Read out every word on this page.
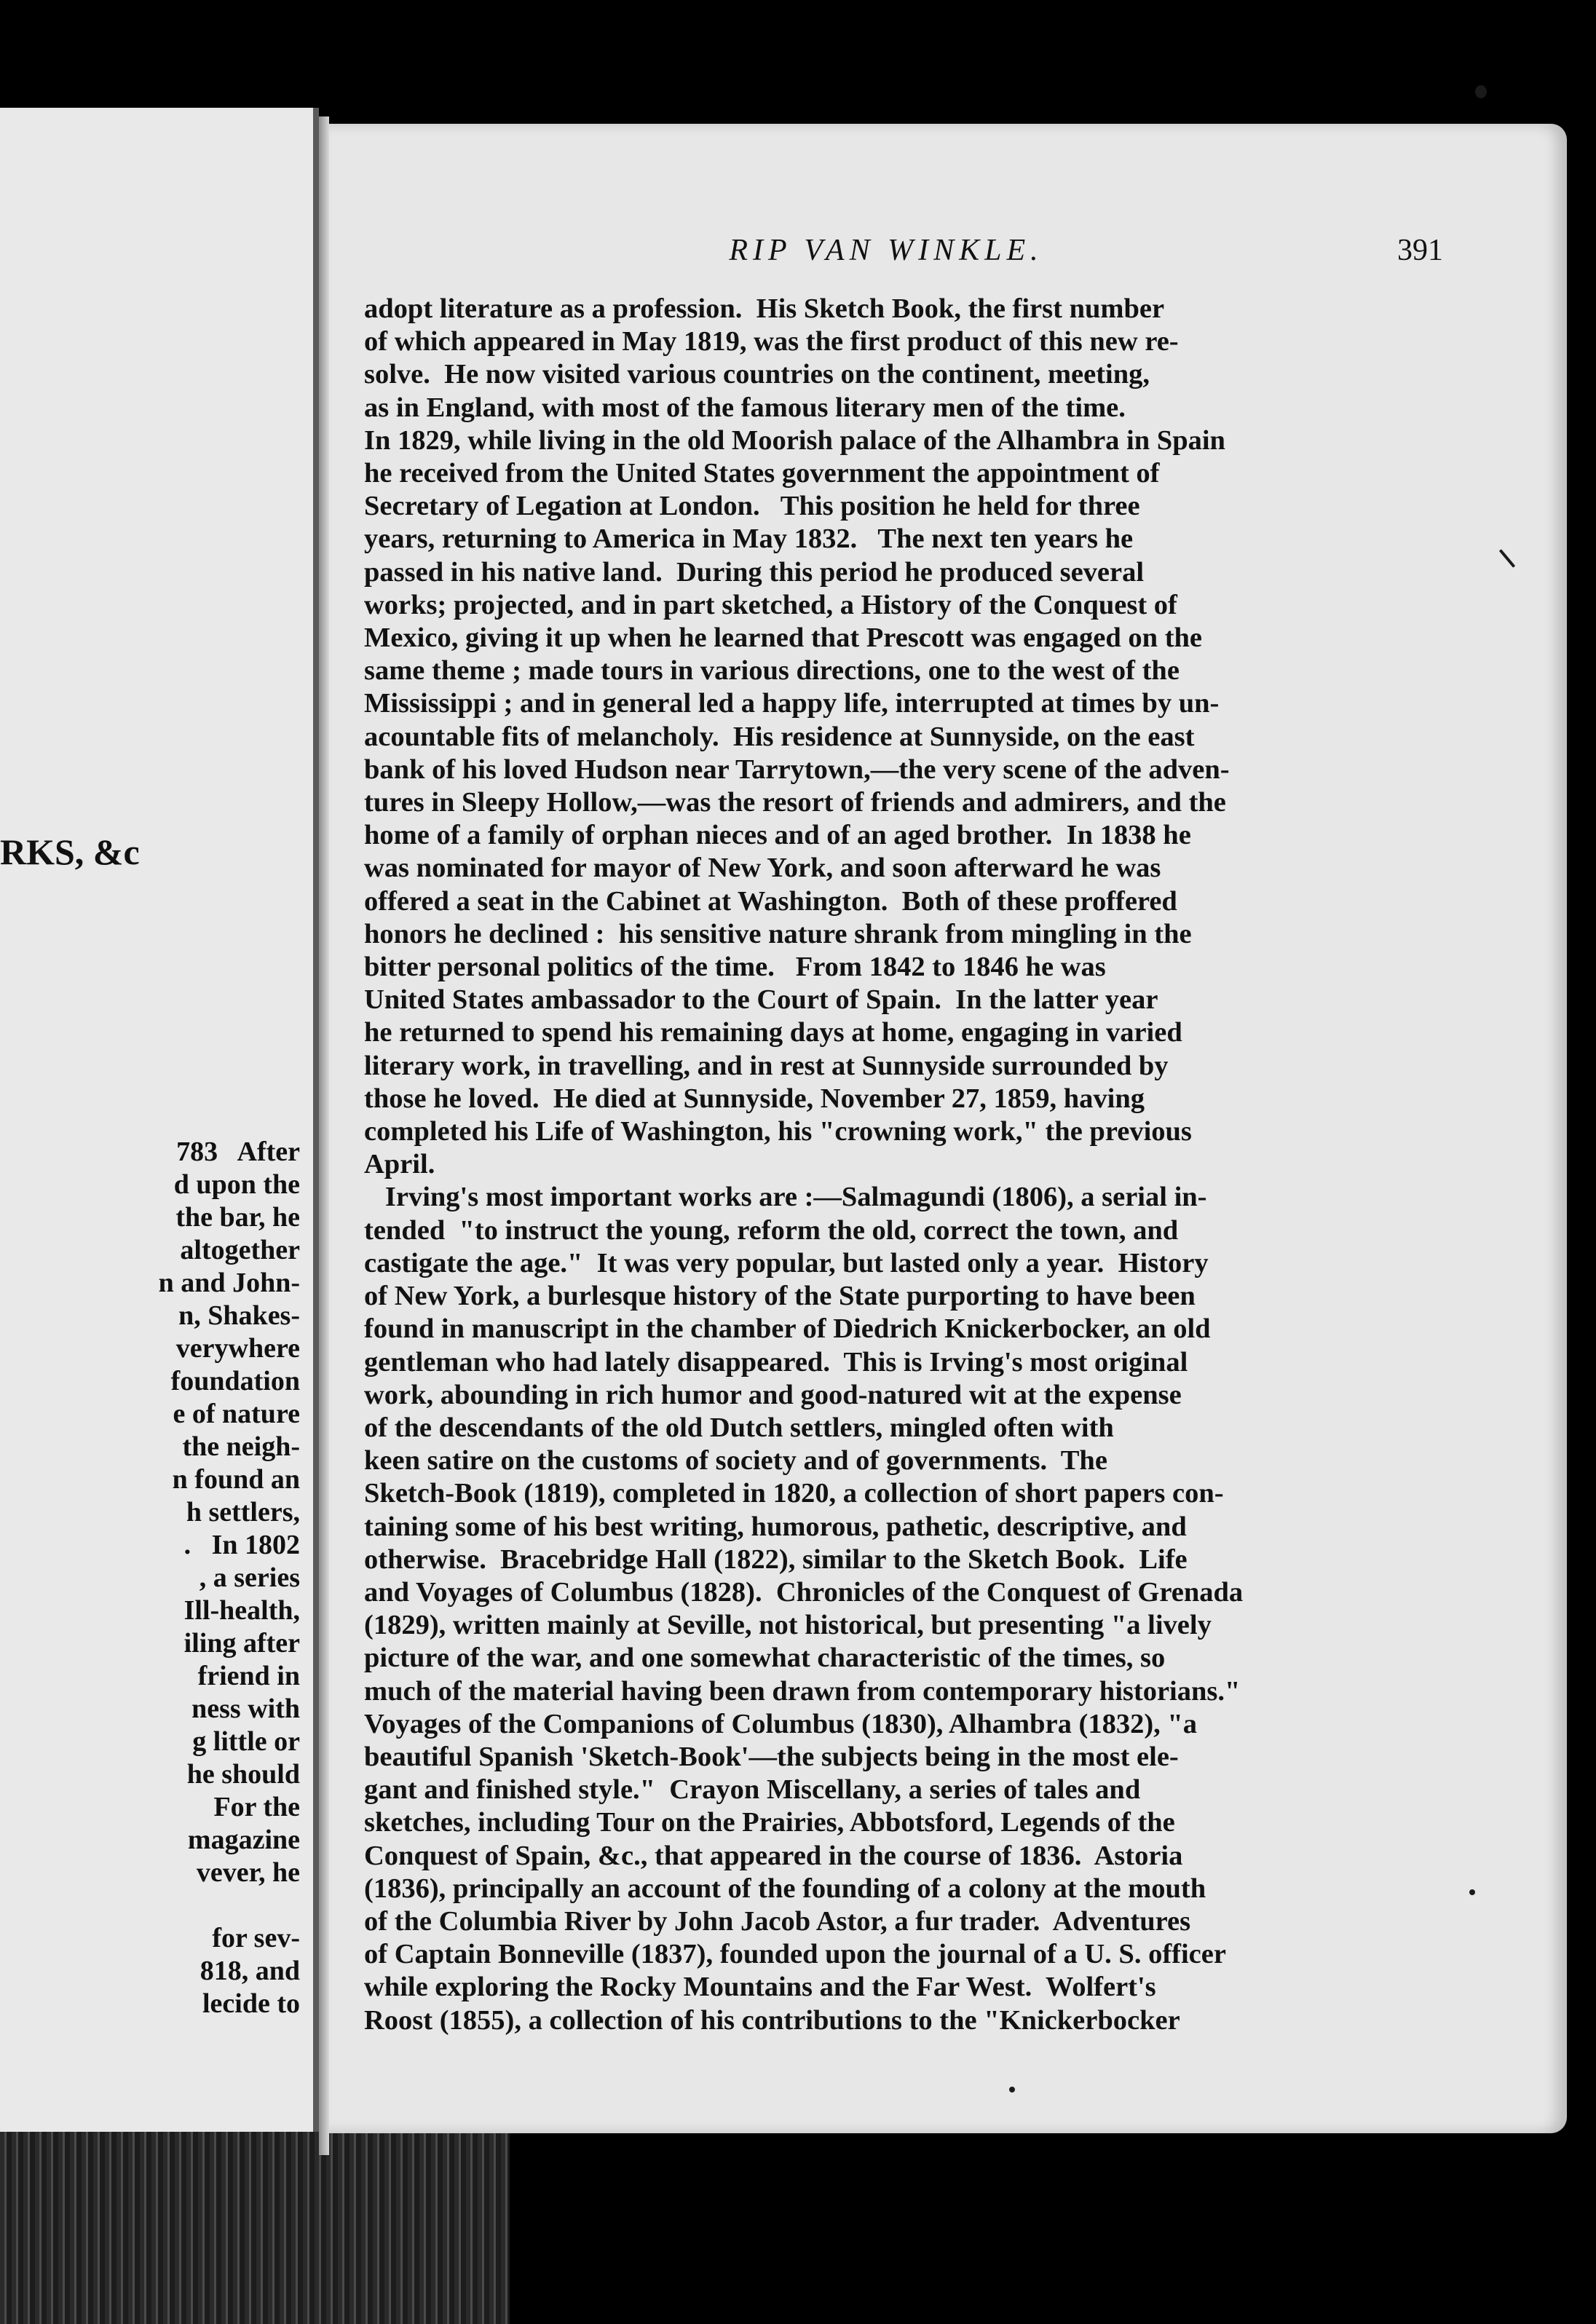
RKS, &c

783   After
d upon the
the bar, he
altogether
n and John-
n, Shakes-
verywhere
foundation
e of nature
the neigh-
n found an
h settlers,
.   In 1802
, a series
Ill-health,
iling after
friend in
ness with
g little or
he should
For the
magazine
vever, he

for sev-
818, and
lecide to

RIP VAN WINKLE.	391

adopt literature as a profession.  His Sketch Book, the first number
of which appeared in May 1819, was the first product of this new re-
solve.  He now visited various countries on the continent, meeting,
as in England, with most of the famous literary men of the time.
In 1829, while living in the old Moorish palace of the Alhambra in Spain
he received from the United States government the appointment of
Secretary of Legation at London.   This position he held for three
years, returning to America in May 1832.   The next ten years he
passed in his native land.  During this period he produced several
works; projected, and in part sketched, a History of the Conquest of
Mexico, giving it up when he learned that Prescott was engaged on the
same theme ; made tours in various directions, one to the west of the
Mississippi ; and in general led a happy life, interrupted at times by un-
acountable fits of melancholy.  His residence at Sunnyside, on the east
bank of his loved Hudson near Tarrytown,—the very scene of the adven-
tures in Sleepy Hollow,—was the resort of friends and admirers, and the
home of a family of orphan nieces and of an aged brother.  In 1838 he
was nominated for mayor of New York, and soon afterward he was
offered a seat in the Cabinet at Washington.  Both of these proffered
honors he declined :  his sensitive nature shrank from mingling in the
bitter personal politics of the time.   From 1842 to 1846 he was
United States ambassador to the Court of Spain.  In the latter year
he returned to spend his remaining days at home, engaging in varied
literary work, in travelling, and in rest at Sunnyside surrounded by
those he loved.  He died at Sunnyside, November 27, 1859, having
completed his Life of Washington, his "crowning work," the previous
April.
Irving's most important works are :—Salmagundi (1806), a serial in-
tended  "to instruct the young, reform the old, correct the town, and
castigate the age."  It was very popular, but lasted only a year.  History
of New York, a burlesque history of the State purporting to have been
found in manuscript in the chamber of Diedrich Knickerbocker, an old
gentleman who had lately disappeared.  This is Irving's most original
work, abounding in rich humor and good-natured wit at the expense
of the descendants of the old Dutch settlers, mingled often with
keen satire on the customs of society and of governments.  The
Sketch-Book (1819), completed in 1820, a collection of short papers con-
taining some of his best writing, humorous, pathetic, descriptive, and
otherwise.  Bracebridge Hall (1822), similar to the Sketch Book.  Life
and Voyages of Columbus (1828).  Chronicles of the Conquest of Grenada
(1829), written mainly at Seville, not historical, but presenting "a lively
picture of the war, and one somewhat characteristic of the times, so
much of the material having been drawn from contemporary historians."
Voyages of the Companions of Columbus (1830), Alhambra (1832), "a
beautiful Spanish 'Sketch-Book'—the subjects being in the most ele-
gant and finished style."  Crayon Miscellany, a series of tales and
sketches, including Tour on the Prairies, Abbotsford, Legends of the
Conquest of Spain, &c., that appeared in the course of 1836.  Astoria
(1836), principally an account of the founding of a colony at the mouth
of the Columbia River by John Jacob Astor, a fur trader.  Adventures
of Captain Bonneville (1837), founded upon the journal of a U. S. officer
while exploring the Rocky Mountains and the Far West.  Wolfert's
Roost (1855), a collection of his contributions to the "Knickerbocker
